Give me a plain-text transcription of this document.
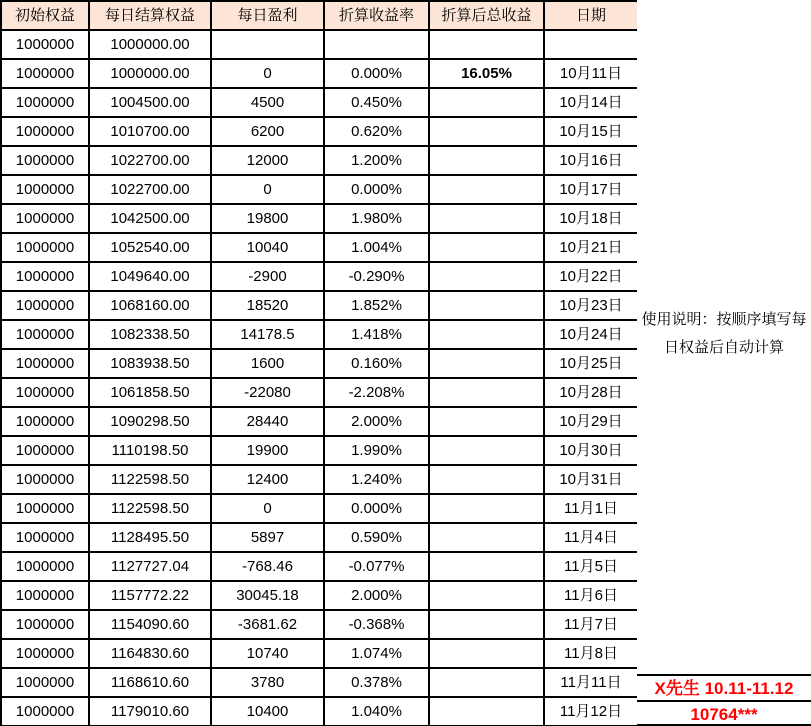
初始权益	每日结算权益	每日盈利	折算收益率	折算后总收益	日期
1000000	1000000.00				
1000000	1000000.00	0	0.000%	16.05%	10月11日
1000000	1004500.00	4500	0.450%		10月14日
1000000	1010700.00	6200	0.620%		10月15日
1000000	1022700.00	12000	1.200%		10月16日
1000000	1022700.00	0	0.000%		10月17日
1000000	1042500.00	19800	1.980%		10月18日
1000000	1052540.00	10040	1.004%		10月21日
1000000	1049640.00	-2900	-0.290%		10月22日
1000000	1068160.00	18520	1.852%		10月23日
1000000	1082338.50	14178.5	1.418%		10月24日
1000000	1083938.50	1600	0.160%		10月25日
1000000	1061858.50	-22080	-2.208%		10月28日
1000000	1090298.50	28440	2.000%		10月29日
1000000	1110198.50	19900	1.990%		10月30日
1000000	1122598.50	12400	1.240%		10月31日
1000000	1122598.50	0	0.000%		11月1日
1000000	1128495.50	5897	0.590%		11月4日
1000000	1127727.04	-768.46	-0.077%		11月5日
1000000	1157772.22	30045.18	2.000%		11月6日
1000000	1154090.60	-3681.62	-0.368%		11月7日
1000000	1164830.60	10740	1.074%		11月8日
1000000	1168610.60	3780	0.378%		11月11日
1000000	1179010.60	10400	1.040%		11月12日
使用说明：按顺序填写每日权益后自动计算
X先生 10.11-11.12
10764***
